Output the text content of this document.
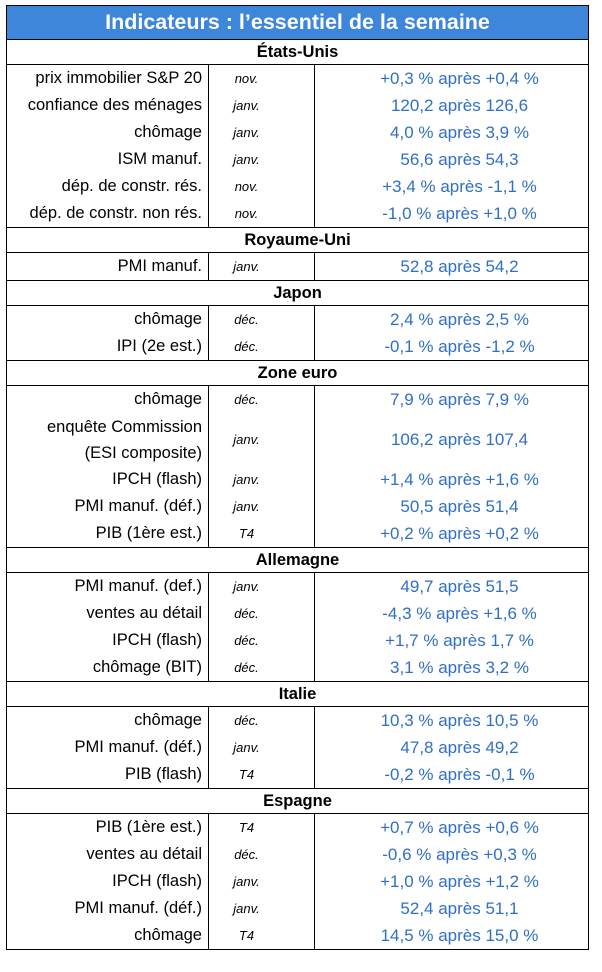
Indicateurs : l’essentiel de la semaine
États-Unis
prix immobilier S&P 20
confiance des ménages
chômage
ISM manuf.
dép. de constr. rés.
dép. de constr. non rés.
nov.
janv.
janv.
janv.
nov.
nov.
+0,3 % après +0,4 %
120,2 après 126,6
4,0 % après 3,9 %
56,6 après 54,3
+3,4 % après -1,1 %
-1,0 % après +1,0 %
Royaume-Uni
PMI manuf. janv.	52,8 après 54,2
Japon
chômage
IPI (2e est.)
déc.
déc.
2,4 % après 2,5 %
-0,1 % après -1,2 %
Zone euro
chômage
enquête Commission
(ESI composite)
IPCH (flash)
PMI manuf. (déf.)
PIB (1ère est.)
déc.
janv.
janv.
janv.
T4
7,9 % après 7,9 %
106,2 après 107,4
+1,4 % après +1,6 %
50,5 après 51,4
+0,2 % après +0,2 %
Allemagne
PMI manuf. (def.)
ventes au détail
IPCH (flash)
chômage (BIT)
janv.
déc.
déc.
déc.
49,7 après 51,5
-4,3 % après +1,6 %
+1,7 % après 1,7 %
3,1 % après 3,2 %
Italie
chômage
PMI manuf. (déf.)
PIB (flash)
déc.
janv.
T4
10,3 % après 10,5 %
47,8 après 49,2
-0,2 % après -0,1 %
Espagne
PIB (1ère est.)
ventes au détail
IPCH (flash)
PMI manuf. (déf.)
chômage
T4
déc.
janv.
janv.
T4
+0,7 % après +0,6 %
-0,6 % après +0,3 %
+1,0 % après +1,2 %
52,4 après 51,1
14,5 % après 15,0 %
